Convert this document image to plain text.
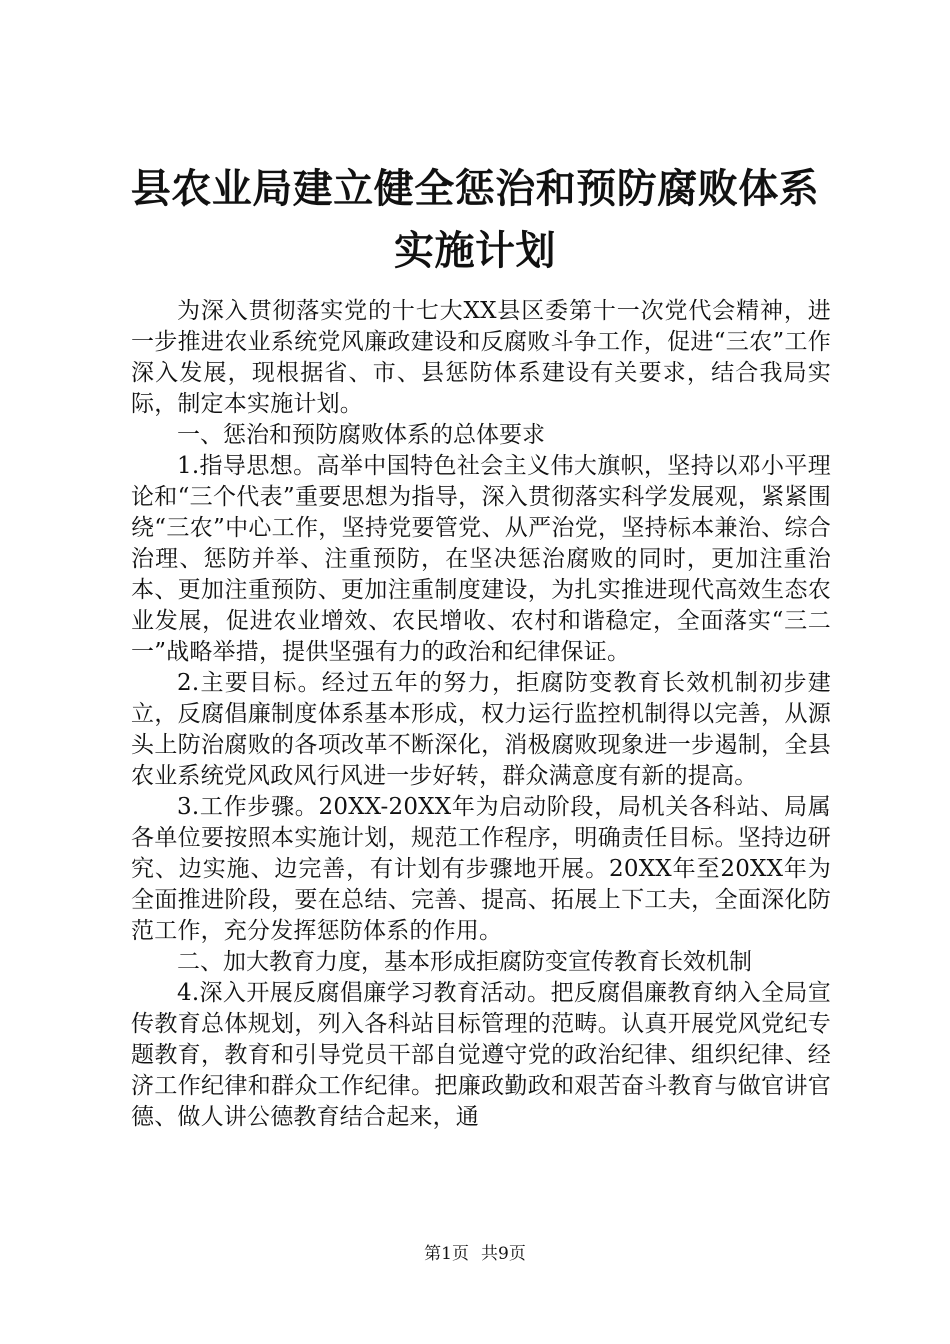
县农业局建立健全惩治和预防腐败体系实施计划

为深入贯彻落实党的十七大XX县区委第十一次党代会精神，进一步推进农业系统党风廉政建设和反腐败斗争工作，促进“三农”工作深入发展，现根据省、市、县惩防体系建设有关要求，结合我局实际，制定本实施计划。

一、惩治和预防腐败体系的总体要求

1.指导思想。高举中国特色社会主义伟大旗帜，坚持以邓小平理论和“三个代表”重要思想为指导，深入贯彻落实科学发展观，紧紧围绕“三农”中心工作，坚持党要管党、从严治党，坚持标本兼治、综合治理、惩防并举、注重预防，在坚决惩治腐败的同时，更加注重治本、更加注重预防、更加注重制度建设，为扎实推进现代高效生态农业发展，促进农业增效、农民增收、农村和谐稳定，全面落实“三二一”战略举措，提供坚强有力的政治和纪律保证。

2.主要目标。经过五年的努力，拒腐防变教育长效机制初步建立，反腐倡廉制度体系基本形成，权力运行监控机制得以完善，从源头上防治腐败的各项改革不断深化，消极腐败现象进一步遏制，全县农业系统党风政风行风进一步好转，群众满意度有新的提高。

3.工作步骤。20XX-20XX年为启动阶段，局机关各科站、局属各单位要按照本实施计划，规范工作程序，明确责任目标。坚持边研究、边实施、边完善，有计划有步骤地开展。20XX年至20XX年为全面推进阶段，要在总结、完善、提高、拓展上下工夫，全面深化防范工作，充分发挥惩防体系的作用。

二、加大教育力度，基本形成拒腐防变宣传教育长效机制

4.深入开展反腐倡廉学习教育活动。把反腐倡廉教育纳入全局宣传教育总体规划，列入各科站目标管理的范畴。认真开展党风党纪专题教育，教育和引导党员干部自觉遵守党的政治纪律、组织纪律、经济工作纪律和群众工作纪律。把廉政勤政和艰苦奋斗教育与做官讲官德、做人讲公德教育结合起来，通

第1页 共9页
